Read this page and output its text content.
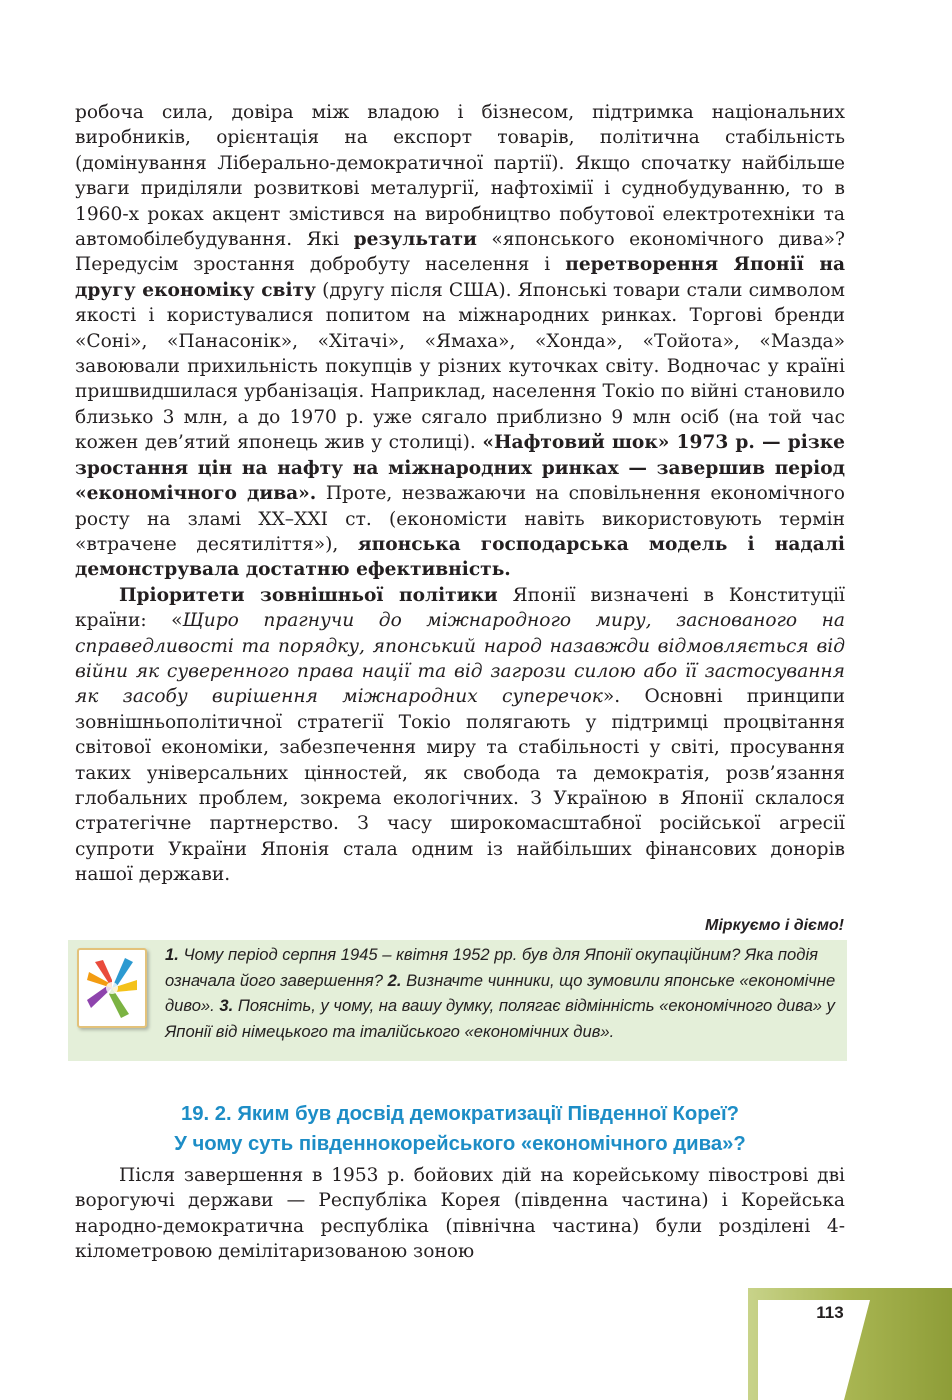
робоча сила, довіра між владою і бізнесом, підтримка національних виробників, орієнтація на експорт товарів, політична стабільність (домінування Ліберально-демократичної партії). Якщо спочатку найбільше уваги приділяли розвиткові металургії, нафтохімії і суднобудуванню, то в 1960-х роках акцент змістився на виробництво побутової електротехніки та автомобілебудування. Які результати «японського економічного дива»? Передусім зростання добробуту населення і перетворення Японії на другу економіку світу (другу після США). Японські товари стали символом якості і користувалися попитом на міжнародних ринках. Торгові бренди «Соні», «Панасонік», «Хітачі», «Ямаха», «Хонда», «Тойота», «Мазда» завоювали прихильність покупців у різних куточках світу. Водночас у країні пришвидшилася урбанізація. Наприклад, населення Токіо по війні становило близько 3 млн, а до 1970 р. уже сягало приблизно 9 млн осіб (на той час кожен дев’ятий японець жив у столиці). «Нафтовий шок» 1973 р. — різке зростання цін на нафту на міжнародних ринках — завершив період «економічного дива». Проте, незважаючи на сповільнення економічного росту на зламі XX–XXI ст. (економісти навіть використовують термін «втрачене десятиліття»), японська господарська модель і надалі демонструвала достатню ефективність.

Пріоритети зовнішньої політики Японії визначені в Конституції країни: «Щиро прагнучи до міжнародного миру, заснованого на справедливості та порядку, японський народ назавжди відмовляється від війни як суверенного права нації та від загрози силою або її застосування як засобу вирішення міжнародних суперечок». Основні принципи зовнішньополітичної стратегії Токіо полягають у підтримці процвітання світової економіки, забезпечення миру та стабільності у світі, просування таких універсальних цінностей, як свобода та демократія, розв’язання глобальних проблем, зокрема екологічних. З Україною в Японії склалося стратегічне партнерство. З часу широкомасштабної російської агресії супроти України Японія стала одним із найбільших фінансових донорів нашої держави.

Міркуємо і діємо!
1. Чому період серпня 1945 – квітня 1952 рр. був для Японії окупаційним? Яка подія означала його завершення? 2. Визначте чинники, що зумовили японське «економічне диво». 3. Поясніть, у чому, на вашу думку, полягає відмінність «економічного дива» у Японії від німецького та італійського «економічних див».
19. 2. Яким був досвід демократизації Південної Кореї?
У чому суть південнокорейського «економічного дива»?

Після завершення в 1953 р. бойових дій на корейському півострові дві ворогуючі держави — Республіка Корея (південна частина) і Корейська народно-демократична республіка (північна частина) були розділені 4-кілометровою демілітаризованою зоною

113
